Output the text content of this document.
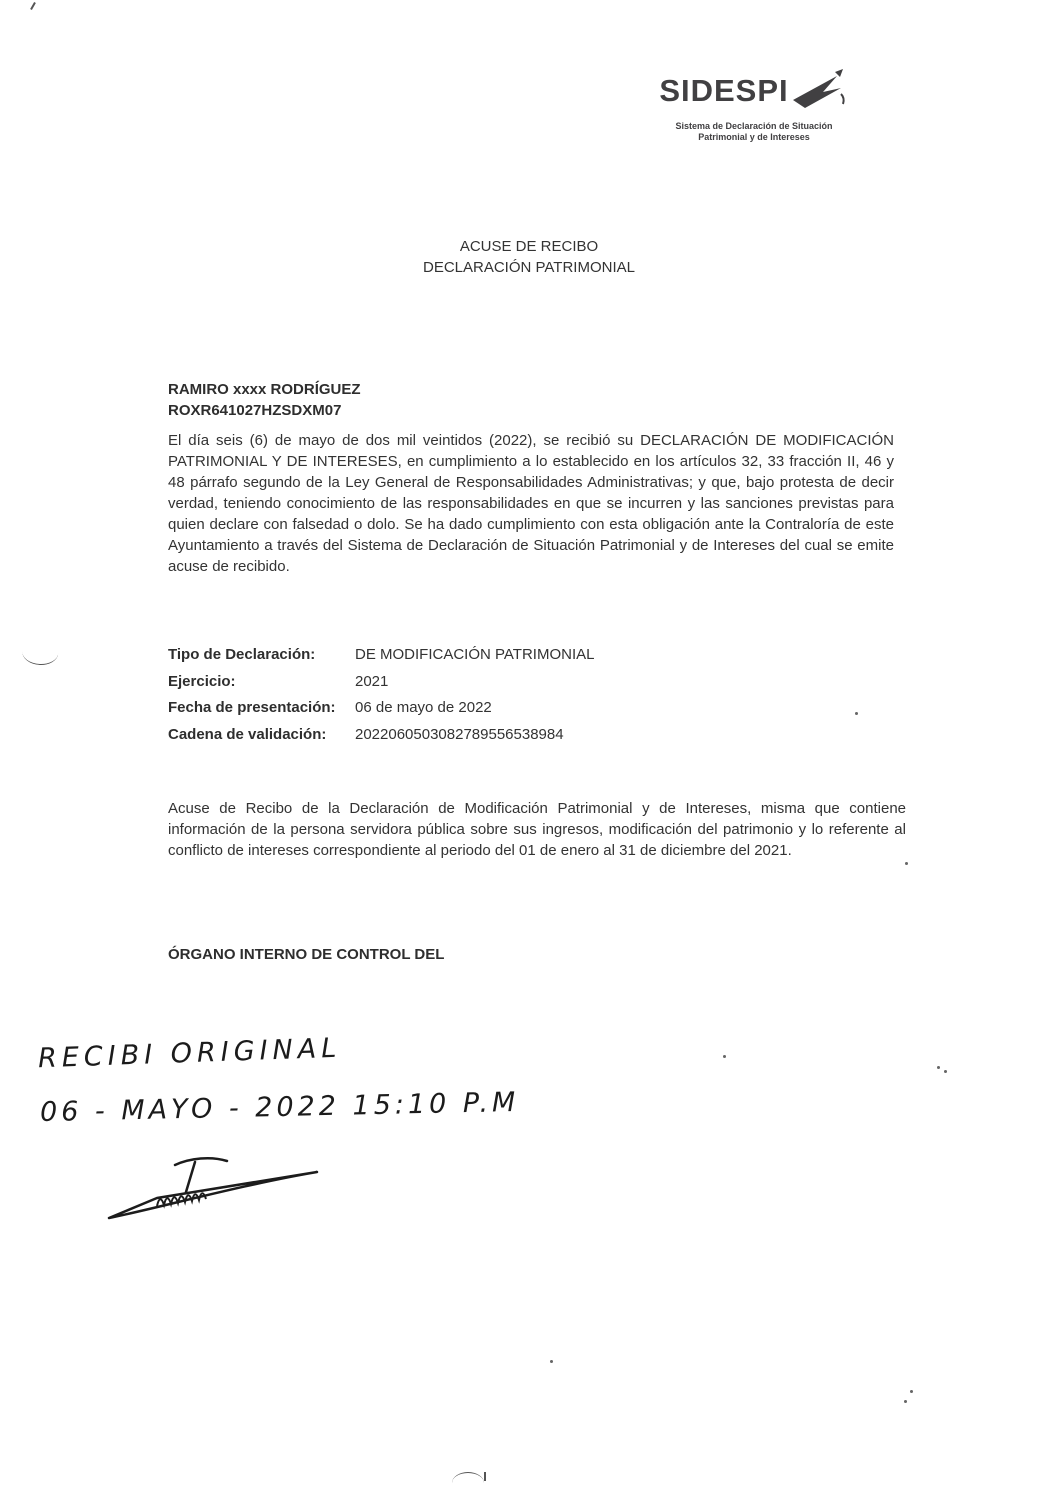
SIDESPI
Sistema de Declaración de Situación
Patrimonial y de Intereses
ACUSE DE RECIBO
DECLARACIÓN PATRIMONIAL
RAMIRO xxxx RODRÍGUEZ
ROXR641027HZSDXM07

El día seis (6) de mayo de dos mil veintidos (2022), se recibió su DECLARACIÓN DE MODIFICACIÓN PATRIMONIAL Y DE INTERESES, en cumplimiento a lo establecido en los artículos 32, 33 fracción II, 46 y 48 párrafo segundo de la Ley General de Responsabilidades Administrativas; y que, bajo protesta de decir verdad, teniendo conocimiento de las responsabilidades en que se incurren y las sanciones previstas para quien declare con falsedad o dolo. Se ha dado cumplimiento con esta obligación ante la Contraloría de este Ayuntamiento a través del Sistema de Declaración de Situación Patrimonial y de Intereses del cual se emite acuse de recibido.

Tipo de Declaración:	DE MODIFICACIÓN PATRIMONIAL
Ejercicio:	2021
Fecha de presentación:	06 de mayo de 2022
Cadena de validación:	2022060503082789556538984

Acuse de Recibo de la Declaración de Modificación Patrimonial y de Intereses, misma que contiene información de la persona servidora pública sobre sus ingresos, modificación del patrimonio y lo referente al conflicto de intereses correspondiente al periodo del 01 de enero al 31 de diciembre del 2021.

ÓRGANO INTERNO DE CONTROL DEL
RECIBI ORIGINAL
06 - MAYO - 2022 15:10 P.M
